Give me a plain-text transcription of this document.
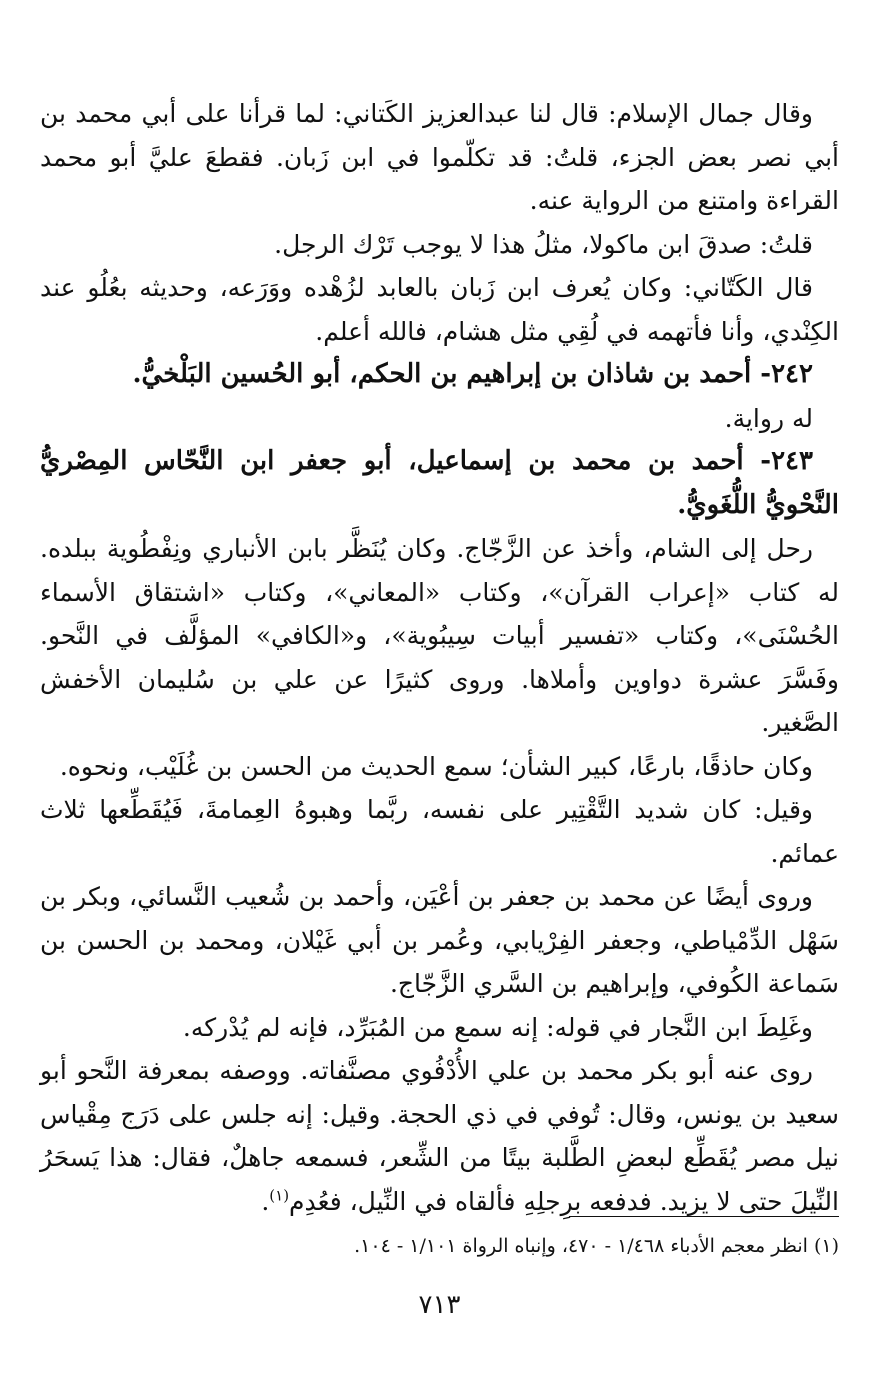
وقال جمال الإسلام: قال لنا عبدالعزيز الكَتاني: لما قرأنا على أبي محمد بن أبي نصر بعض الجزء، قلتُ: قد تكلّموا في ابن زَبان. فقطعَ عليَّ أبو محمد القراءة وامتنع من الرواية عنه.

قلتُ: صدقَ ابن ماكولا، مثلُ هذا لا يوجب تَرْك الرجل.

قال الكَتّاني: وكان يُعرف ابن زَبان بالعابد لزُهْده ووَرَعه، وحديثه بعُلُو عند الكِنْدي، وأنا فأتهمه في لُقِي مثل هشام، فالله أعلم.

٢٤٢- أحمد بن شاذان بن إبراهيم بن الحكم، أبو الحُسين البَلْخيُّ.

له رواية.

٢٤٣- أحمد بن محمد بن إسماعيل، أبو جعفر ابن النَّحّاس المِصْريُّ النَّحْويُّ اللُّغَويُّ.

رحل إلى الشام، وأخذ عن الزَّجّاج. وكان يُنَظَّر بابن الأنباري ونِفْطُوية ببلده. له كتاب «إعراب القرآن»، وكتاب «المعاني»، وكتاب «اشتقاق الأسماء الحُسْنَى»، وكتاب «تفسير أبيات سِيبُوية»، و«الكافي» المؤلَّف في النَّحو. وفَسَّرَ عشرة دواوين وأملاها. وروى كثيرًا عن علي بن سُليمان الأخفش الصَّغير.

وكان حاذقًا، بارعًا، كبير الشأن؛ سمع الحديث من الحسن بن غُلَيْب، ونحوه.

وقيل: كان شديد التَّقْتِير على نفسه، ربَّما وهبوهُ العِمامةَ، فَيُقَطِّعها ثلاث عمائم.

وروى أيضًا عن محمد بن جعفر بن أعْيَن، وأحمد بن شُعيب النَّسائي، وبكر بن سَهْل الدِّمْياطي، وجعفر الفِرْيابي، وعُمر بن أبي غَيْلان، ومحمد بن الحسن بن سَماعة الكُوفي، وإبراهيم بن السَّري الزَّجّاج.

وغَلِطَ ابن النَّجار في قوله: إنه سمع من المُبَرِّد، فإنه لم يُدْركه.

روى عنه أبو بكر محمد بن علي الأُدْفُوي مصنَّفاته. ووصفه بمعرفة النَّحو أبو سعيد بن يونس، وقال: تُوفي في ذي الحجة. وقيل: إنه جلس على دَرَج مِقْياس نيل مصر يُقَطِّع لبعضِ الطَّلبة بيتًا من الشِّعر، فسمعه جاهلٌ، فقال: هذا يَسحَرُ النِّيلَ حتى لا يزيد. فدفعه برِجلِهِ فألقاه في النِّيل، فعُدِم$^{(١)}$.

(١) انظر معجم الأدباء ١/٤٦٨ - ٤٧٠، وإنباه الرواة ١/١٠١ - ١٠٤.
٧١٣
